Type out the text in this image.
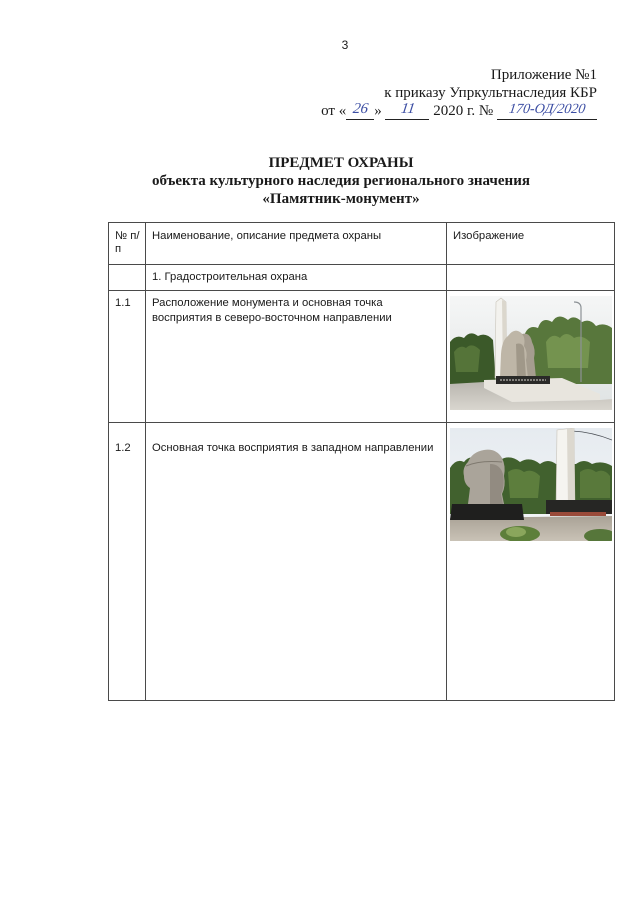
3
Приложение №1
к приказу Упркультнаследия КБР
от « 26 » 11 2020 г. № 170-ОД/2020
ПРЕДМЕТ ОХРАНЫ
объекта культурного наследия регионального значения
«Памятник-монумент»
№ п/п	Наименование, описание предмета охраны	Изображение
	1. Градостроительная охрана	
1.1	Расположение монумента и основная точка восприятия в северо-восточном направлении	

1.2	Основная точка восприятия в западном направлении	
